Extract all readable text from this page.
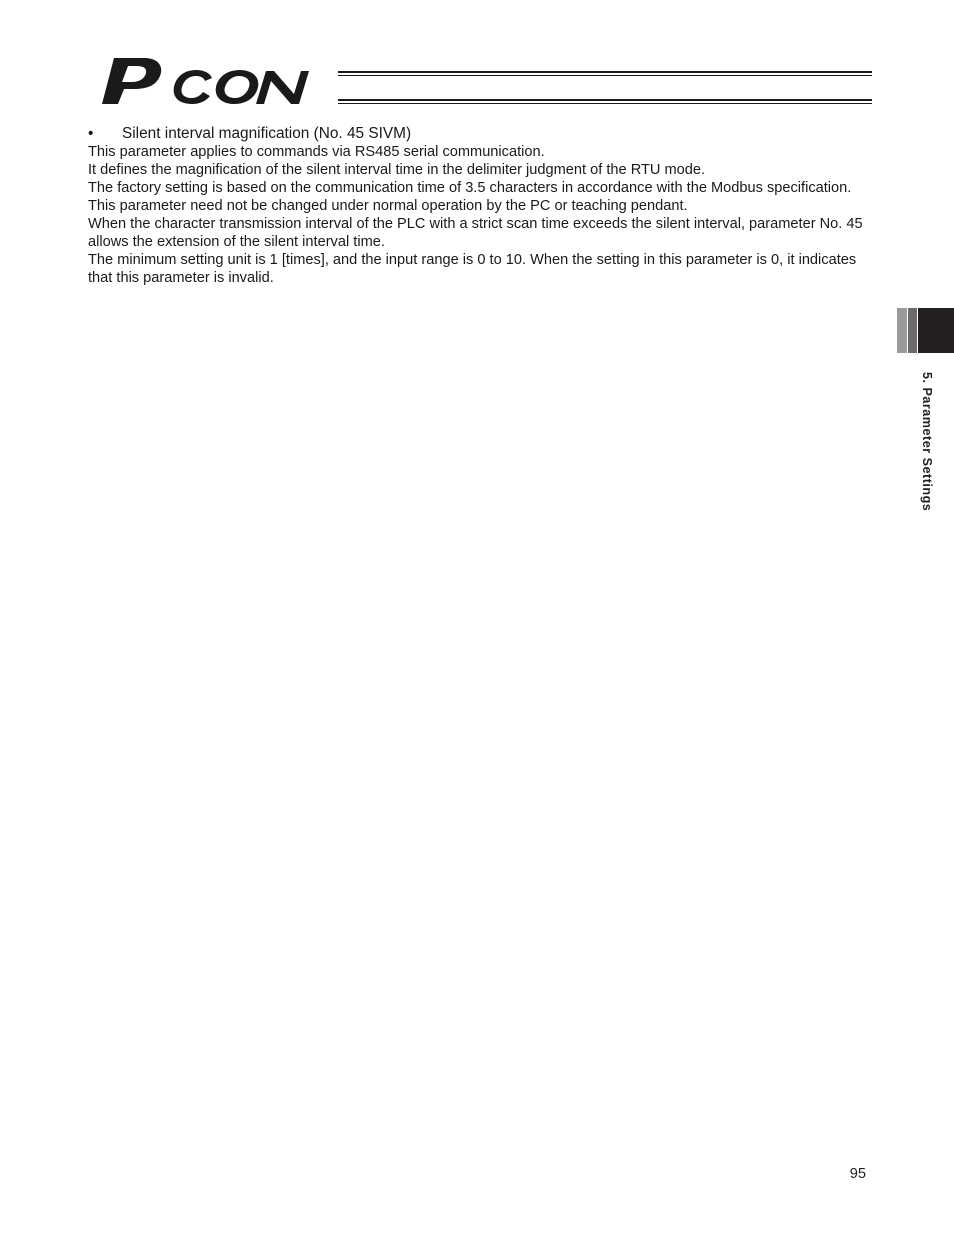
•	Silent interval magnification (No. 45 SIVM)

This parameter applies to commands via RS485 serial communication.

It defines the magnification of the silent interval time in the delimiter judgment of the RTU mode.

The factory setting is based on the communication time of 3.5 characters in accordance with the Modbus specification.

This parameter need not be changed under normal operation by the PC or teaching pendant.

When the character transmission interval of the PLC with a strict scan time exceeds the silent interval, parameter No. 45 allows the extension of the silent interval time.

The minimum setting unit is 1 [times], and the input range is 0 to 10. When the setting in this parameter is 0, it indicates that this parameter is invalid.

5. Parameter Settings
95
